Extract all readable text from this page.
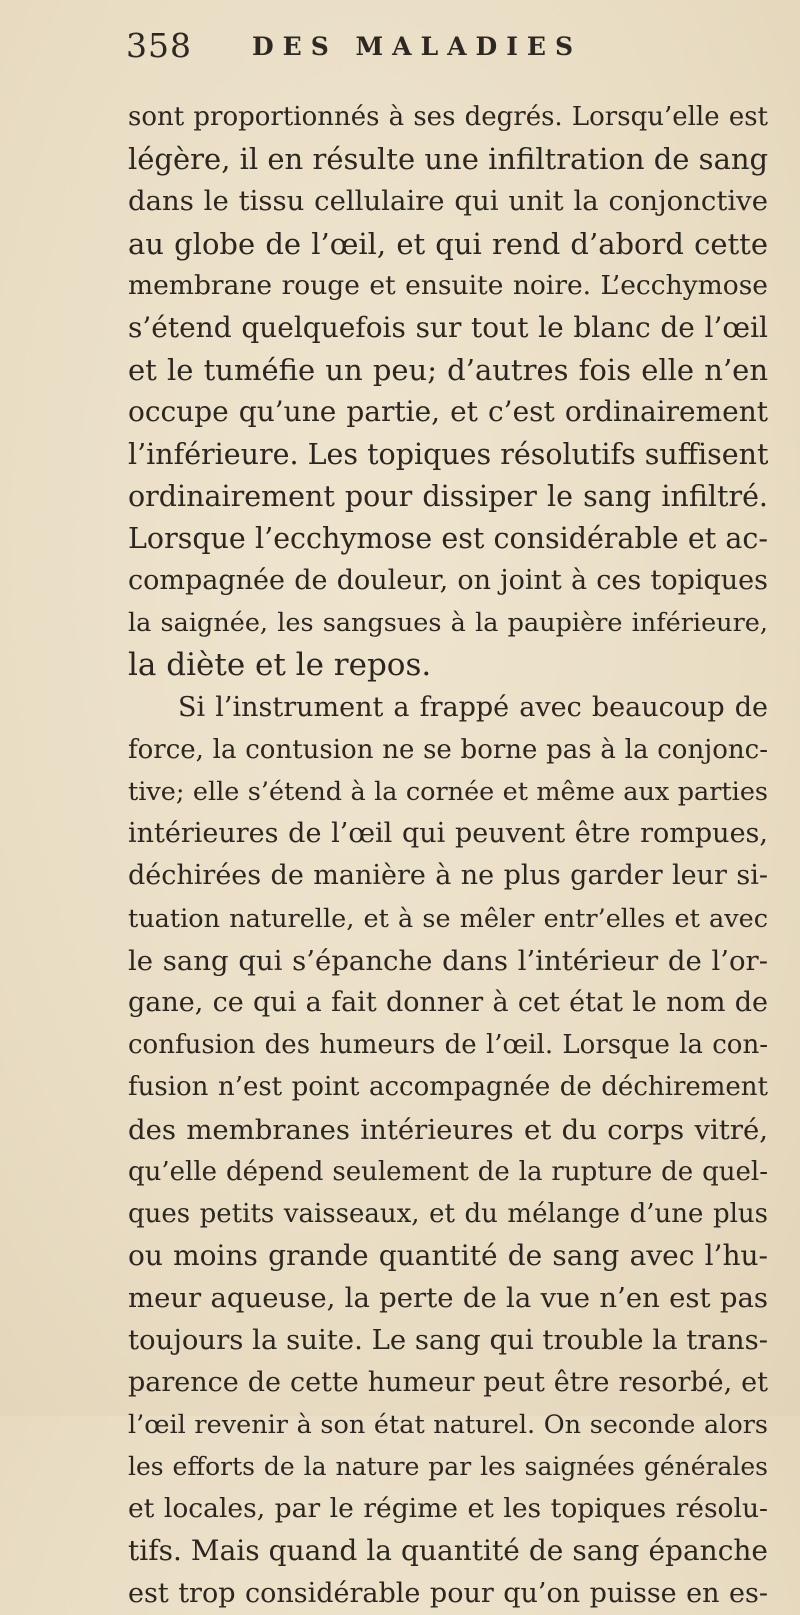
358 DES MALADIES
sont proportionnés à ses degrés. Lorsqu’elle est
légère, il en résulte une infiltration de sang
dans le tissu cellulaire qui unit la conjonctive
au globe de l’œil, et qui rend d’abord cette
membrane rouge et ensuite noire. L’ecchymose
s’étend quelquefois sur tout le blanc de l’œil
et le tuméfie un peu; d’autres fois elle n’en
occupe qu’une partie, et c’est ordinairement
l’inférieure. Les topiques résolutifs suffisent
ordinairement pour dissiper le sang infiltré.
Lorsque l’ecchymose est considérable et ac-
compagnée de douleur, on joint à ces topiques
la saignée, les sangsues à la paupière inférieure,
la diète et le repos.
Si l’instrument a frappé avec beaucoup de
force, la contusion ne se borne pas à la conjonc-
tive; elle s’étend à la cornée et même aux parties
intérieures de l’œil qui peuvent être rompues,
déchirées de manière à ne plus garder leur si-
tuation naturelle, et à se mêler entr’elles et avec
le sang qui s’épanche dans l’intérieur de l’or-
gane, ce qui a fait donner à cet état le nom de
confusion des humeurs de l’œil. Lorsque la con-
fusion n’est point accompagnée de déchirement
des membranes intérieures et du corps vitré,
qu’elle dépend seulement de la rupture de quel-
ques petits vaisseaux, et du mélange d’une plus
ou moins grande quantité de sang avec l’hu-
meur aqueuse, la perte de la vue n’en est pas
toujours la suite. Le sang qui trouble la trans-
parence de cette humeur peut être resorbé, et
l’œil revenir à son état naturel. On seconde alors
les efforts de la nature par les saignées générales
et locales, par le régime et les topiques résolu-
tifs. Mais quand la quantité de sang épanche
est trop considérable pour qu’on puisse en es-
